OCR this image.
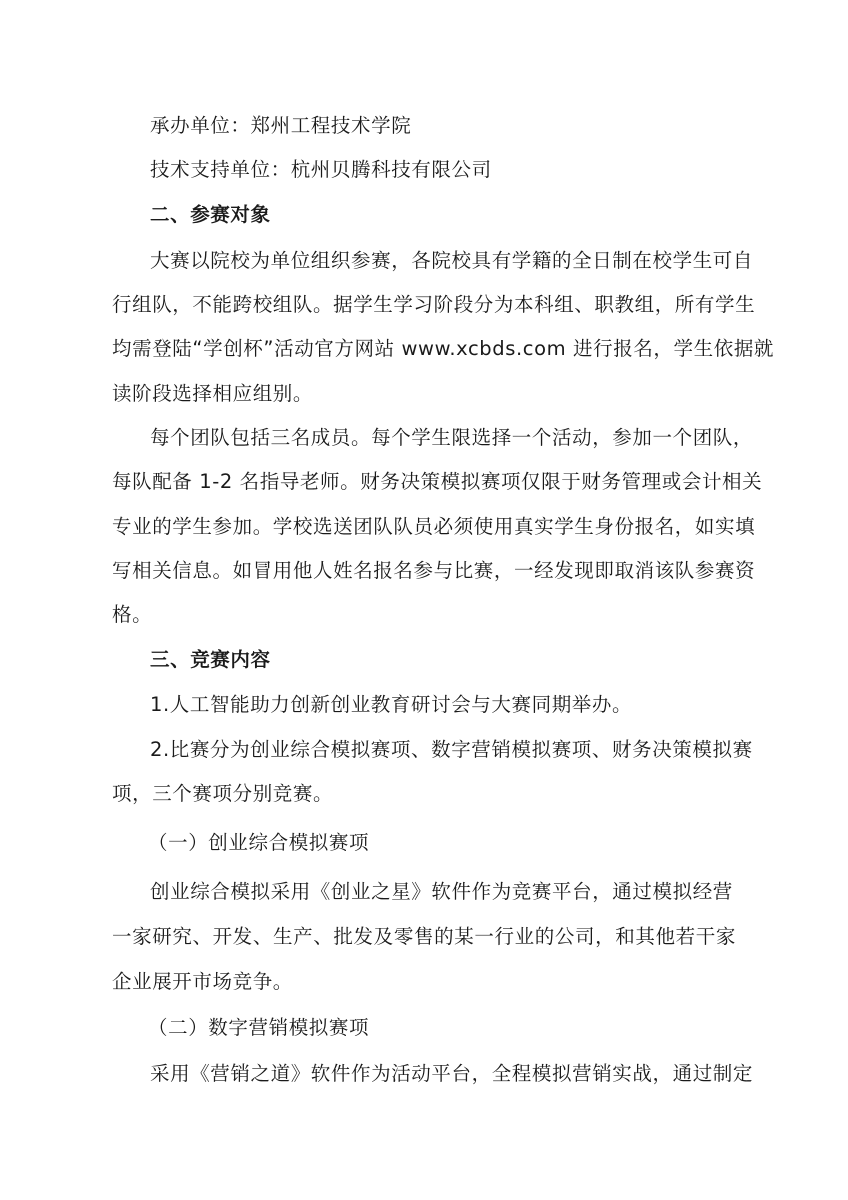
承办单位：郑州工程技术学院
技术支持单位：杭州贝腾科技有限公司
二、参赛对象
大赛以院校为单位组织参赛，各院校具有学籍的全日制在校学生可自
行组队，不能跨校组队。据学生学习阶段分为本科组、职教组，所有学生
均需登陆“学创杯”活动官方网站 www.xcbds.com 进行报名，学生依据就
读阶段选择相应组别。
每个团队包括三名成员。每个学生限选择一个活动，参加一个团队，
每队配备 1-2 名指导老师。财务决策模拟赛项仅限于财务管理或会计相关
专业的学生参加。学校选送团队队员必须使用真实学生身份报名，如实填
写相关信息。如冒用他人姓名报名参与比赛，一经发现即取消该队参赛资
格。
三、竞赛内容
1.人工智能助力创新创业教育研讨会与大赛同期举办。
2.比赛分为创业综合模拟赛项、数字营销模拟赛项、财务决策模拟赛
项，三个赛项分别竞赛。
（一）创业综合模拟赛项
创业综合模拟采用《创业之星》软件作为竞赛平台，通过模拟经营
一家研究、开发、生产、批发及零售的某一行业的公司，和其他若干家
企业展开市场竞争。
（二）数字营销模拟赛项
采用《营销之道》软件作为活动平台，全程模拟营销实战，通过制定
